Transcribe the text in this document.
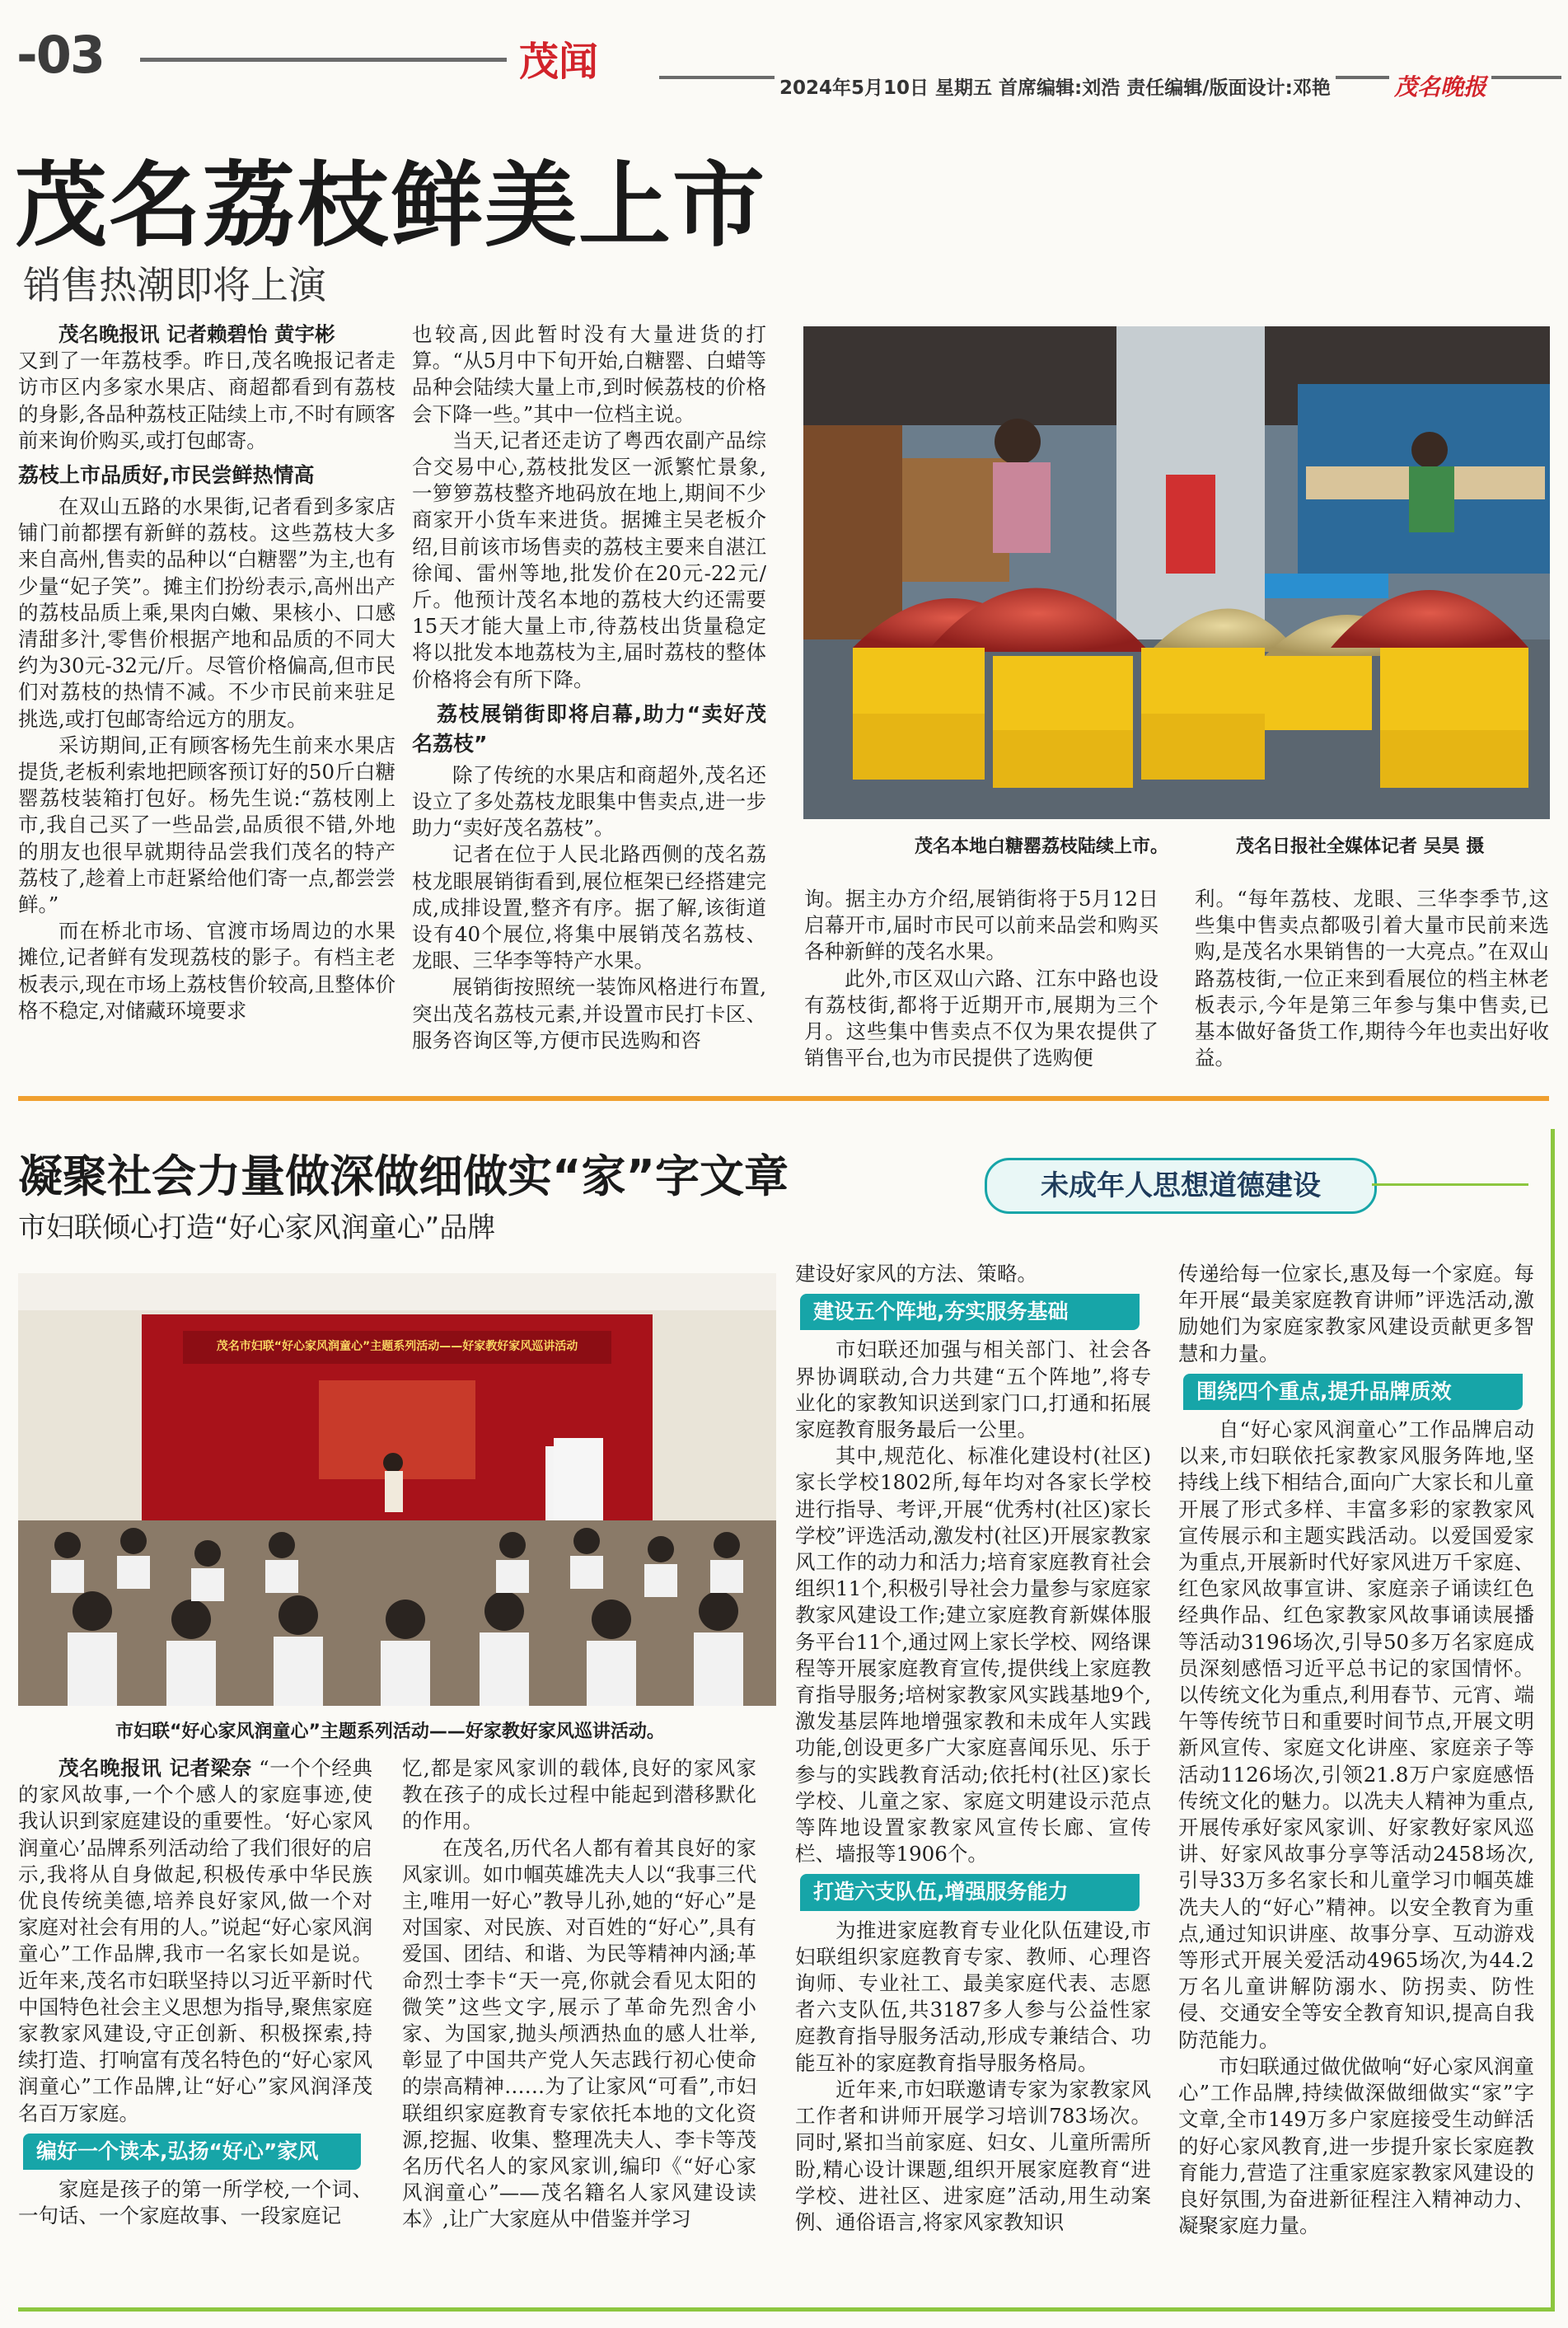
-03	茂闻
2024年5月10日 星期五 首席编辑:刘浩 责任编辑/版面设计:邓艳	茂名晚报
茂名荔枝鲜美上市
销售热潮即将上演

茂名晚报讯 记者赖碧怡 黄宇彬

又到了一年荔枝季。昨日,茂名晚报记者走访市区内多家水果店、商超都看到有荔枝的身影,各品种荔枝正陆续上市,不时有顾客前来询价购买,或打包邮寄。

荔枝上市品质好,市民尝鲜热情高

在双山五路的水果街,记者看到多家店铺门前都摆有新鲜的荔枝。这些荔枝大多来自高州,售卖的品种以“白糖罂”为主,也有少量“妃子笑”。摊主们扮纷表示,高州出产的荔枝品质上乘,果肉白嫩、果核小、口感清甜多汁,零售价根据产地和品质的不同大约为30元-32元/斤。尽管价格偏高,但市民们对荔枝的热情不减。不少市民前来驻足挑选,或打包邮寄给远方的朋友。

采访期间,正有顾客杨先生前来水果店提货,老板利索地把顾客预订好的50斤白糖罂荔枝装箱打包好。杨先生说:“荔枝刚上市,我自己买了一些品尝,品质很不错,外地的朋友也很早就期待品尝我们茂名的特产荔枝了,趁着上市赶紧给他们寄一点,都尝尝鲜。”

而在桥北市场、官渡市场周边的水果摊位,记者鲜有发现荔枝的影子。有档主老板表示,现在市场上荔枝售价较高,且整体价格不稳定,对储藏环境要求

也较高,因此暂时没有大量进货的打算。“从5月中下旬开始,白糖罂、白蜡等品种会陆续大量上市,到时候荔枝的价格会下降一些。”其中一位档主说。

当天,记者还走访了粤西农副产品综合交易中心,荔枝批发区一派繁忙景象,一箩箩荔枝整齐地码放在地上,期间不少商家开小货车来进货。据摊主吴老板介绍,目前该市场售卖的荔枝主要来自湛江徐闻、雷州等地,批发价在20元-22元/斤。他预计茂名本地的荔枝大约还需要15天才能大量上市,待荔枝出货量稳定将以批发本地荔枝为主,届时荔枝的整体价格将会有所下降。

荔枝展销街即将启幕,助力“卖好茂名荔枝”

除了传统的水果店和商超外,茂名还设立了多处荔枝龙眼集中售卖点,进一步助力“卖好茂名荔枝”。

记者在位于人民北路西侧的茂名荔枝龙眼展销街看到,展位框架已经搭建完成,成排设置,整齐有序。据了解,该街道设有40个展位,将集中展销茂名荔枝、龙眼、三华李等特产水果。

展销街按照统一装饰风格进行布置,突出茂名荔枝元素,并设置市民打卡区、服务咨询区等,方便市民选购和咨

茂名本地白糖罂荔枝陆续上市。	茂名日报社全媒体记者 吴昊 摄

询。据主办方介绍,展销街将于5月12日启幕开市,届时市民可以前来品尝和购买各种新鲜的茂名水果。

此外,市区双山六路、江东中路也设有荔枝街,都将于近期开市,展期为三个月。这些集中售卖点不仅为果农提供了销售平台,也为市民提供了选购便

利。“每年荔枝、龙眼、三华李季节,这些集中售卖点都吸引着大量市民前来选购,是茂名水果销售的一大亮点。”在双山路荔枝街,一位正来到看展位的档主林老板表示,今年是第三年参与集中售卖,已基本做好备货工作,期待今年也卖出好收益。

凝聚社会力量做深做细做实“家”字文章
市妇联倾心打造“好心家风润童心”品牌
未成年人思想道德建设
茂名市妇联“好心家风润童心”主题系列活动——好家教好家风巡讲活动
市妇联“好心家风润童心”主题系列活动——好家教好家风巡讲活动。

茂名晚报讯 记者梁奈 “一个个经典的家风故事,一个个感人的家庭事迹,使我认识到家庭建设的重要性。‘好心家风润童心’品牌系列活动给了我们很好的启示,我将从自身做起,积极传承中华民族优良传统美德,培养良好家风,做一个对家庭对社会有用的人。”说起“好心家风润童心”工作品牌,我市一名家长如是说。近年来,茂名市妇联坚持以习近平新时代中国特色社会主义思想为指导,聚焦家庭家教家风建设,守正创新、积极探索,持续打造、打响富有茂名特色的“好心家风润童心”工作品牌,让“好心”家风润泽茂名百万家庭。

编好一个读本,弘扬“好心”家风

家庭是孩子的第一所学校,一个词、一句话、一个家庭故事、一段家庭记

忆,都是家风家训的载体,良好的家风家教在孩子的成长过程中能起到潜移默化的作用。

在茂名,历代名人都有着其良好的家风家训。如巾帼英雄冼夫人以“我事三代主,唯用一好心”教导儿孙,她的“好心”是对国家、对民族、对百姓的“好心”,具有爱国、团结、和谐、为民等精神内涵;革命烈士李卡“天一亮,你就会看见太阳的微笑”这些文字,展示了革命先烈舍小家、为国家,抛头颅洒热血的感人壮举,彰显了中国共产党人矢志践行初心使命的崇高精神……为了让家风“可看”,市妇联组织家庭教育专家依托本地的文化资源,挖掘、收集、整理冼夫人、李卡等茂名历代名人的家风家训,编印《“好心家风润童心”——茂名籍名人家风建设读本》,让广大家庭从中借鉴并学习

建设好家风的方法、策略。

建设五个阵地,夯实服务基础

市妇联还加强与相关部门、社会各界协调联动,合力共建“五个阵地”,将专业化的家教知识送到家门口,打通和拓展家庭教育服务最后一公里。

其中,规范化、标准化建设村(社区)家长学校1802所,每年均对各家长学校进行指导、考评,开展“优秀村(社区)家长学校”评选活动,激发村(社区)开展家教家风工作的动力和活力;培育家庭教育社会组织11个,积极引导社会力量参与家庭家教家风建设工作;建立家庭教育新媒体服务平台11个,通过网上家长学校、网络课程等开展家庭教育宣传,提供线上家庭教育指导服务;培树家教家风实践基地9个,激发基层阵地增强家教和未成年人实践功能,创设更多广大家庭喜闻乐见、乐于参与的实践教育活动;依托村(社区)家长学校、儿童之家、家庭文明建设示范点等阵地设置家教家风宣传长廊、宣传栏、墙报等1906个。

打造六支队伍,增强服务能力

为推进家庭教育专业化队伍建设,市妇联组织家庭教育专家、教师、心理咨询师、专业社工、最美家庭代表、志愿者六支队伍,共3187多人参与公益性家庭教育指导服务活动,形成专兼结合、功能互补的家庭教育指导服务格局。

近年来,市妇联邀请专家为家教家风工作者和讲师开展学习培训783场次。同时,紧扣当前家庭、妇女、儿童所需所盼,精心设计课题,组织开展家庭教育“进学校、进社区、进家庭”活动,用生动案例、通俗语言,将家风家教知识

传递给每一位家长,惠及每一个家庭。每年开展“最美家庭教育讲师”评选活动,激励她们为家庭家教家风建设贡献更多智慧和力量。

围绕四个重点,提升品牌质效

自“好心家风润童心”工作品牌启动以来,市妇联依托家教家风服务阵地,坚持线上线下相结合,面向广大家长和儿童开展了形式多样、丰富多彩的家教家风宣传展示和主题实践活动。以爱国爱家为重点,开展新时代好家风进万千家庭、红色家风故事宣讲、家庭亲子诵读红色经典作品、红色家教家风故事诵读展播等活动3196场次,引导50多万名家庭成员深刻感悟习近平总书记的家国情怀。以传统文化为重点,利用春节、元宵、端午等传统节日和重要时间节点,开展文明新风宣传、家庭文化讲座、家庭亲子等活动1126场次,引领21.8万户家庭感悟传统文化的魅力。以冼夫人精神为重点,开展传承好家风家训、好家教好家风巡讲、好家风故事分享等活动2458场次,引导33万多名家长和儿童学习巾帼英雄冼夫人的“好心”精神。以安全教育为重点,通过知识讲座、故事分享、互动游戏等形式开展关爱活动4965场次,为44.2万名儿童讲解防溺水、防拐卖、防性侵、交通安全等安全教育知识,提高自我防范能力。

市妇联通过做优做响“好心家风润童心”工作品牌,持续做深做细做实“家”字文章,全市149万多户家庭接受生动鲜活的好心家风教育,进一步提升家长家庭教育能力,营造了注重家庭家教家风建设的良好氛围,为奋进新征程注入精神动力、凝聚家庭力量。
